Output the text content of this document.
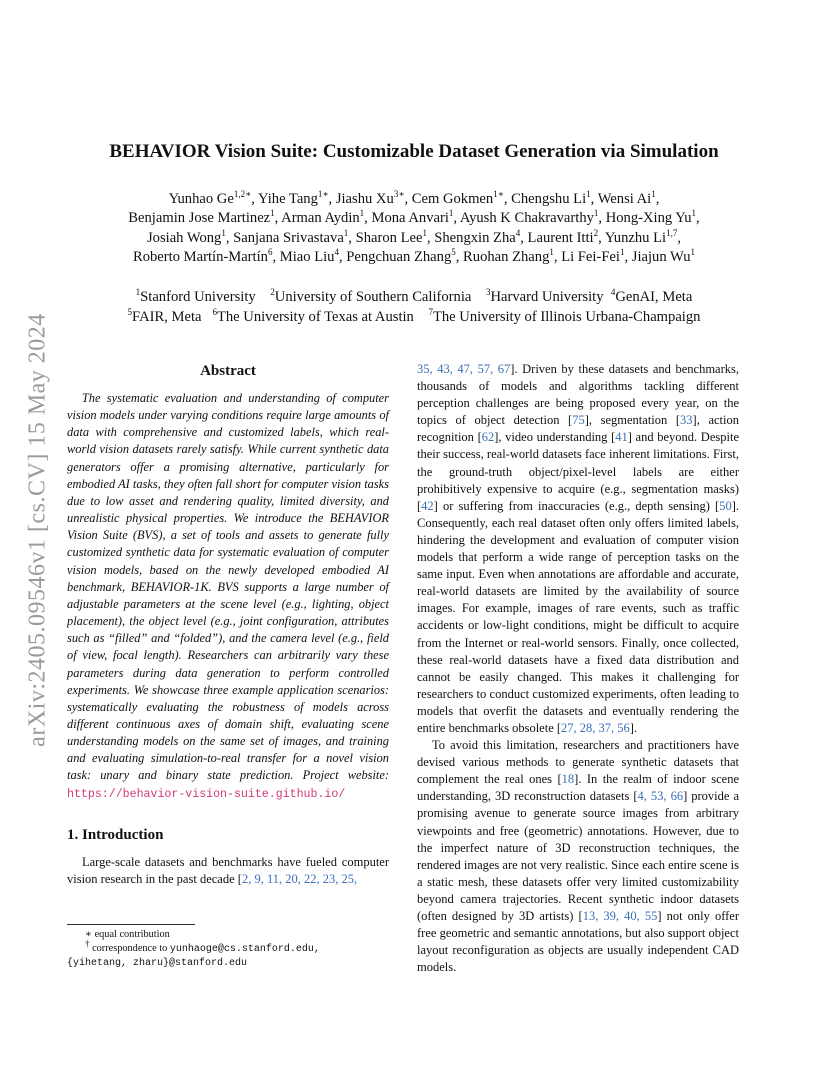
arXiv:2405.09546v1 [cs.CV] 15 May 2024
BEHAVIOR Vision Suite: Customizable Dataset Generation via Simulation
Yunhao $Ge^{1,2∗}$, Yihe Tang$^{1∗}$, Jiashu $Xu^{3∗}$, Cem Gokmen$^{1∗}$, Chengshu Li$^1$, Wensi Ai$^1$,
Benjamin Jose Martinez$^1$, Arman Aydin$^1$, Mona Anvari$^1$, Ayush K Chakravarthy$^1$, Hong-Xing Yu$^1$,
Josiah Wong$^1$, Sanjana Srivastava$^1$, Sharon Lee$^1$, Shengxin Zha$^4$, Laurent Itti$^2$, Yunzhu Li$^{1,7}$,
Roberto Martín-Martín$^6$, Miao Liu$^4$, Pengchuan Zhang$^5$, Ruohan Zhang$^1$, Li Fei-Fei$^1$, Jiajun Wu$^1$
$^1$Stanford University $^2$University of Southern California $^3$Harvard University $^4$GenAI, Meta
$^5$FAIR, Meta $^6$The University of Texas at Austin $^7$The University of Illinois Urbana-Champaign
Abstract
The systematic evaluation and understanding of computer vision models under varying conditions require large amounts of data with comprehensive and customized labels, which real-world vision datasets rarely satisfy. While current synthetic data generators offer a promising alternative, particularly for embodied AI tasks, they often fall short for computer vision tasks due to low asset and rendering quality, limited diversity, and unrealistic physical properties. We introduce the BEHAVIOR Vision Suite (BVS), a set of tools and assets to generate fully customized synthetic data for systematic evaluation of computer vision models, based on the newly developed embodied AI benchmark, BEHAVIOR-1K. BVS supports a large number of adjustable parameters at the scene level (e.g., lighting, object placement), the object level (e.g., joint configuration, attributes such as “filled” and “folded”), and the camera level (e.g., field of view, focal length). Researchers can arbitrarily vary these parameters during data generation to perform controlled experiments. We showcase three example application scenarios: systematically evaluating the robustness of models across different continuous axes of domain shift, evaluating scene understanding models on the same set of images, and training and evaluating simulation-to-real transfer for a novel vision task: unary and binary state prediction. Project website: https://behavior-vision-suite.github.io/
1. Introduction

Large-scale datasets and benchmarks have fueled computer vision research in the past decade [2, 9, 11, 20, 22, 23, 25,

35, 43, 47, 57, 67]. Driven by these datasets and benchmarks, thousands of models and algorithms tackling different perception challenges are being proposed every year, on the topics of object detection [75], segmentation [33], action recognition [62], video understanding [41] and beyond. Despite their success, real-world datasets face inherent limitations. First, the ground-truth object/pixel-level labels are either prohibitively expensive to acquire (e.g., segmentation masks) [42] or suffering from inaccuracies (e.g., depth sensing) [50]. Consequently, each real dataset often only offers limited labels, hindering the development and evaluation of computer vision models that perform a wide range of perception tasks on the same input. Even when annotations are affordable and accurate, real-world datasets are limited by the availability of source images. For example, images of rare events, such as traffic accidents or low-light conditions, might be difficult to acquire from the Internet or real-world sensors. Finally, once collected, these real-world datasets have a fixed data distribution and cannot be easily changed. This makes it challenging for researchers to conduct customized experiments, often leading to models that overfit the datasets and eventually rendering the entire benchmarks obsolete [27, 28, 37, 56].

To avoid this limitation, researchers and practitioners have devised various methods to generate synthetic datasets that complement the real ones [18]. In the realm of indoor scene understanding, 3D reconstruction datasets [4, 53, 66] provide a promising avenue to generate source images from arbitrary viewpoints and free (geometric) annotations. However, due to the imperfect nature of 3D reconstruction techniques, the rendered images are not very realistic. Since each entire scene is a static mesh, these datasets offer very limited customizability beyond camera trajectories. Recent synthetic indoor datasets (often designed by 3D artists) [13, 39, 40, 55] not only offer free geometric and semantic annotations, but also support object layout reconfiguration as objects are usually independent CAD models.

∗ equal contribution
† correspondence to yunhaoge@cs.stanford.edu,
{yihetang, zharu}@stanford.edu
